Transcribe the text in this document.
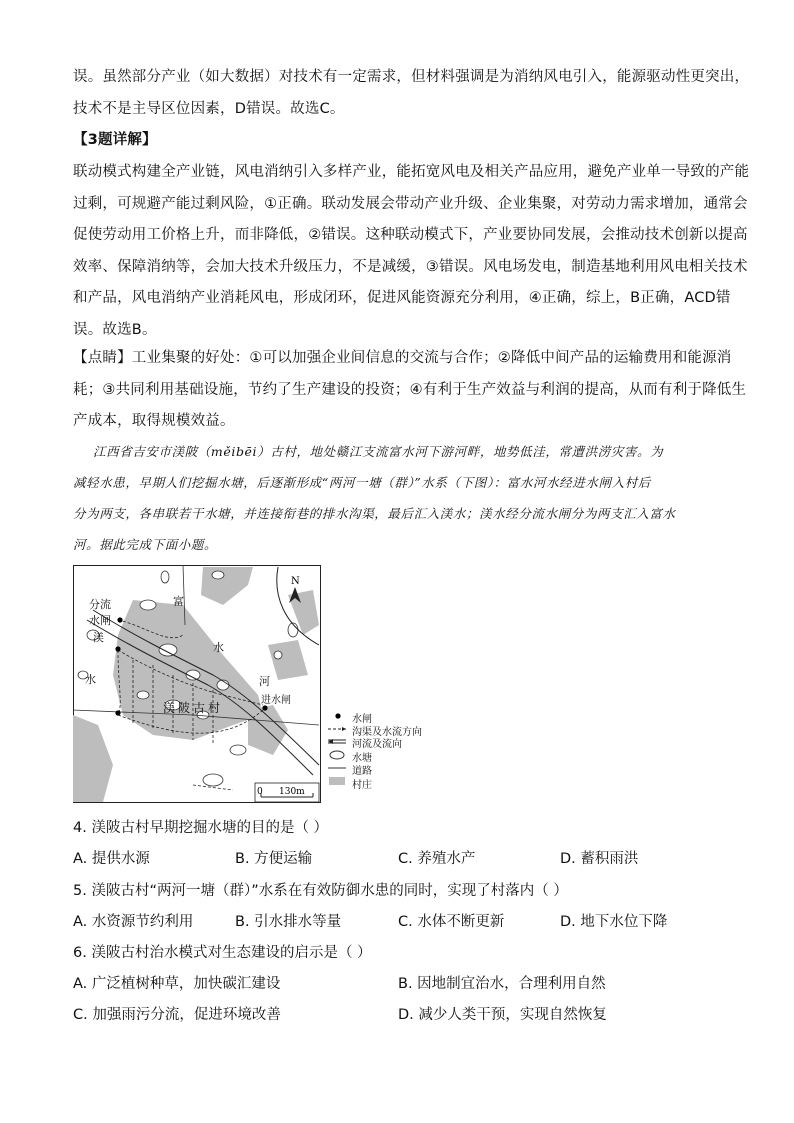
误。虽然部分产业（如大数据）对技术有一定需求，但材料强调是为消纳风电引入，能源驱动性更突出，
技术不是主导区位因素，D错误。故选C。
【3题详解】
联动模式构建全产业链，风电消纳引入多样产业，能拓宽风电及相关产品应用，避免产业单一导致的产能
过剩，可规避产能过剩风险，①正确。联动发展会带动产业升级、企业集聚，对劳动力需求增加，通常会
促使劳动用工价格上升，而非降低，②错误。这种联动模式下，产业要协同发展，会推动技术创新以提高
效率、保障消纳等，会加大技术升级压力，不是减缓，③错误。风电场发电，制造基地利用风电相关技术
和产品，风电消纳产业消耗风电，形成闭环，促进风能资源充分利用，④正确，综上，B正确，ACD错
误。故选B。
【点睛】工业集聚的好处：①可以加强企业间信息的交流与合作；②降低中间产品的运输费用和能源消
耗；③共同利用基础设施，节约了生产建设的投资；④有利于生产效益与利润的提高，从而有利于降低生
产成本，取得规模效益。
江西省吉安市渼陂（měibēi）古村，地处赣江支流富水河下游河畔，地势低洼，常遭洪涝灾害。为
减轻水患，早期人们挖掘水塘，后逐渐形成“两河一塘（群）”水系（下图）：富水河水经进水闸入村后
分为两支，各串联若干水塘，并连接衔巷的排水沟渠，最后汇入渼水；渼水经分流水闸分为两支汇入富水
河。据此完成下面小题。
N
分流
水闸
渼
水
富
水
河
进水闸
渼陂古村
0 130m
水闸
沟渠及水流方向
河流及流向
水塘
道路
村庄
4. 渼陂古村早期挖掘水塘的目的是（ ）
A. 提供水源	B. 方便运输	C. 养殖水产	D. 蓄积雨洪
5. 渼陂古村“两河一塘（群）”水系在有效防御水患的同时，实现了村落内（ ）
A. 水资源节约利用	B. 引水排水等量	C. 水体不断更新	D. 地下水位下降
6. 渼陂古村治水模式对生态建设的启示是（ ）
A. 广泛植树种草，加快碳汇建设	B. 因地制宜治水，合理利用自然
C. 加强雨污分流，促进环境改善	D. 减少人类干预，实现自然恢复
